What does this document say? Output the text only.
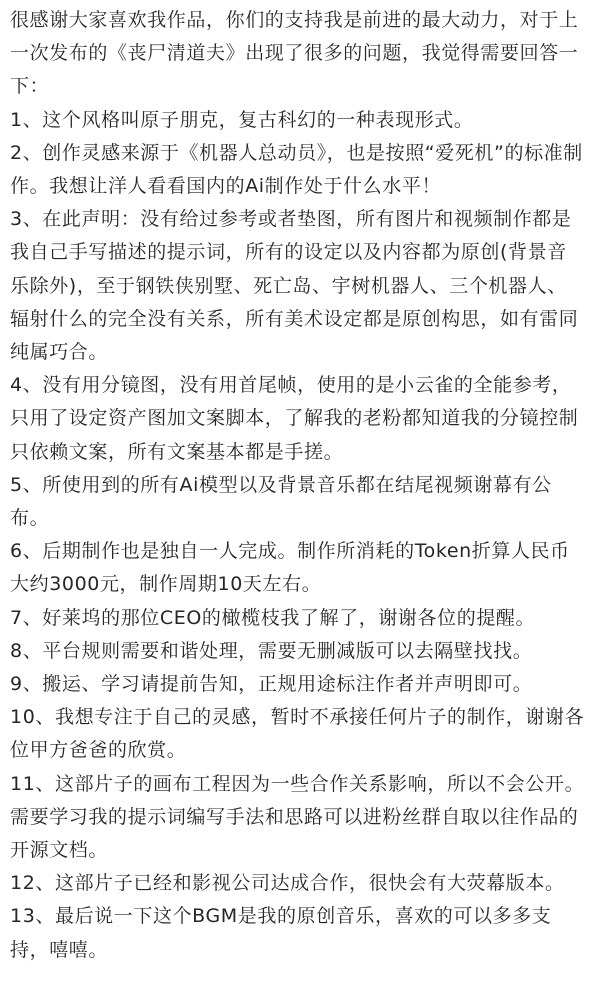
很感谢大家喜欢我作品，你们的支持我是前进的最大动力，对于上一次发布的《丧尸清道夫》出现了很多的问题，我觉得需要回答一下：

1、这个风格叫原子朋克，复古科幻的一种表现形式。

2、创作灵感来源于《机器人总动员》，也是按照“爱死机”的标准制作。我想让洋人看看国内的Ai制作处于什么水平！

3、在此声明：没有给过参考或者垫图，所有图片和视频制作都是我自己手写描述的提示词，所有的设定以及内容都为原创(背景音乐除外)，至于钢铁侠别墅、死亡岛、宇树机器人、三个机器人、辐射什么的完全没有关系，所有美术设定都是原创构思，如有雷同纯属巧合。

4、没有用分镜图，没有用首尾帧，使用的是小云雀的全能参考，只用了设定资产图加文案脚本，了解我的老粉都知道我的分镜控制只依赖文案，所有文案基本都是手搓。

5、所使用到的所有Ai模型以及背景音乐都在结尾视频谢幕有公布。

6、后期制作也是独自一人完成。制作所消耗的Token折算人民币大约3000元，制作周期10天左右。

7、好莱坞的那位CEO的橄榄枝我了解了，谢谢各位的提醒。

8、平台规则需要和谐处理，需要无删减版可以去隔壁找找。

9、搬运、学习请提前告知，正规用途标注作者并声明即可。

10、我想专注于自己的灵感，暂时不承接任何片子的制作，谢谢各位甲方爸爸的欣赏。

11、这部片子的画布工程因为一些合作关系影响，所以不会公开。需要学习我的提示词编写手法和思路可以进粉丝群自取以往作品的开源文档。

12、这部片子已经和影视公司达成合作，很快会有大荧幕版本。

13、最后说一下这个BGM是我的原创音乐，喜欢的可以多多支持，嘻嘻。
